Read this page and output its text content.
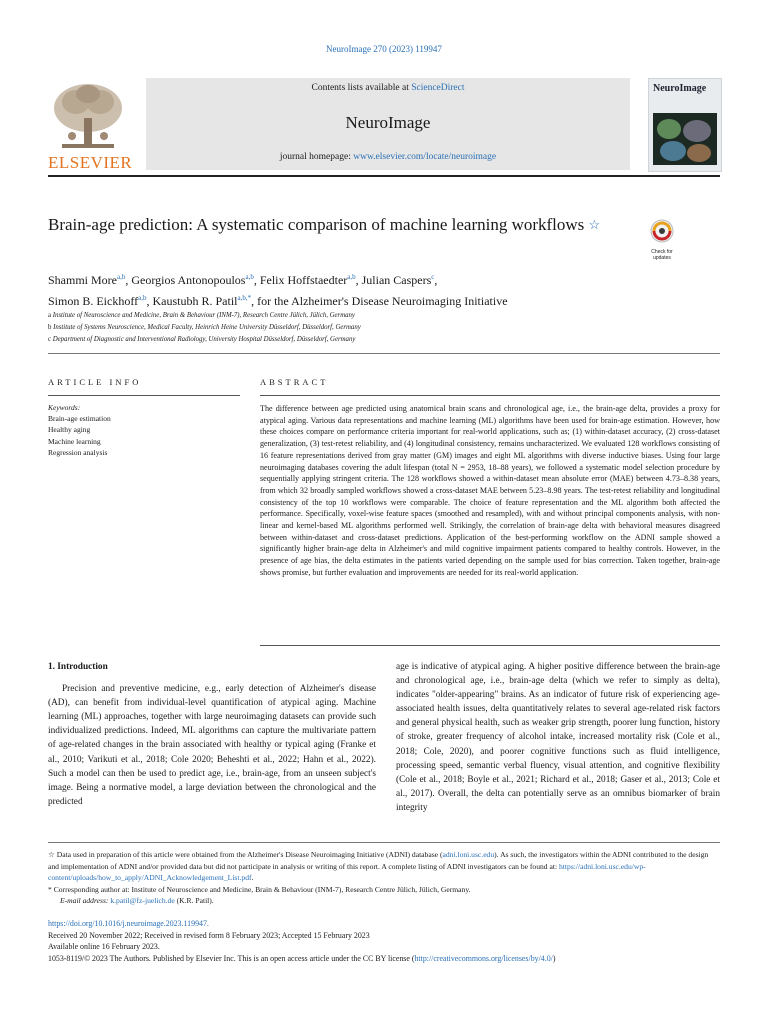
NeuroImage 270 (2023) 119947
ELSEVIER
Contents lists available at ScienceDirect
NeuroImage
journal homepage: www.elsevier.com/locate/neuroimage
NeuroImage
Brain-age prediction: A systematic comparison of machine learning workflows ☆
Check for updates
Shammi More$^{a,b}$, Georgios Antonopoulos$^{a,b}$, Felix Hoffstaedter$^{a,b}$, Julian Caspers$^c$,
Simon B. Eickhoff$^{a,b}$, Kaustubh R. Patil$^{a,b,*}$, for the Alzheimer's Disease Neuroimaging Initiative
a Institute of Neuroscience and Medicine, Brain & Behaviour (INM-7), Research Centre Jülich, Jülich, Germany
b Institute of Systems Neuroscience, Medical Faculty, Heinrich Heine University Düsseldorf, Düsseldorf, Germany
c Department of Diagnostic and Interventional Radiology, University Hospital Düsseldorf, Düsseldorf, Germany
ARTICLE INFO
Keywords:
Brain-age estimation
Healthy aging
Machine learning
Regression analysis
ABSTRACT
The difference between age predicted using anatomical brain scans and chronological age, i.e., the brain-age delta, provides a proxy for atypical aging. Various data representations and machine learning (ML) algorithms have been used for brain-age estimation. However, how these choices compare on performance criteria important for real-world applications, such as; (1) within-dataset accuracy, (2) cross-dataset generalization, (3) test-retest reliability, and (4) longitudinal consistency, remains uncharacterized. We evaluated 128 workflows consisting of 16 feature representations derived from gray matter (GM) images and eight ML algorithms with diverse inductive biases. Using four large neuroimaging databases covering the adult lifespan (total N = 2953, 18–88 years), we followed a systematic model selection procedure by sequentially applying stringent criteria. The 128 workflows showed a within-dataset mean absolute error (MAE) between 4.73–8.38 years, from which 32 broadly sampled workflows showed a cross-dataset MAE between 5.23–8.98 years. The test-retest reliability and longitudinal consistency of the top 10 workflows were comparable. The choice of feature representation and the ML algorithm both affected the performance. Specifically, voxel-wise feature spaces (smoothed and resampled), with and without principal components analysis, with non-linear and kernel-based ML algorithms performed well. Strikingly, the correlation of brain-age delta with behavioral measures disagreed between within-dataset and cross-dataset predictions. Application of the best-performing workflow on the ADNI sample showed a significantly higher brain-age delta in Alzheimer's and mild cognitive impairment patients compared to healthy controls. However, in the presence of age bias, the delta estimates in the patients varied depending on the sample used for bias correction. Taken together, brain-age shows promise, but further evaluation and improvements are needed for its real-world application.
1. Introduction
Precision and preventive medicine, e.g., early detection of Alzheimer's disease (AD), can benefit from individual-level quantification of atypical aging. Machine learning (ML) approaches, together with large neuroimaging datasets can provide such individualized predictions. Indeed, ML algorithms can capture the multivariate pattern of age-related changes in the brain associated with healthy or typical aging (Franke et al., 2010; Varikuti et al., 2018; Cole 2020; Beheshti et al., 2022; Hahn et al., 2022). Such a model can then be used to predict age, i.e., brain-age, from an unseen subject's image. Being a normative model, a large deviation between the chronological and the predicted
age is indicative of atypical aging. A higher positive difference between the brain-age and chronological age, i.e., brain-age delta (which we refer to simply as delta), indicates "older-appearing" brains. As an indicator of future risk of experiencing age-associated health issues, delta quantitatively relates to several age-related risk factors and general physical health, such as weaker grip strength, poorer lung function, history of stroke, greater frequency of alcohol intake, increased mortality risk (Cole et al., 2018; Cole, 2020), and poorer cognitive functions such as fluid intelligence, processing speed, semantic verbal fluency, visual attention, and cognitive flexibility (Cole et al., 2018; Boyle et al., 2021; Richard et al., 2018; Gaser et al., 2013; Cole et al., 2017). Overall, the delta can potentially serve as an omnibus biomarker of brain integrity
☆ Data used in preparation of this article were obtained from the Alzheimer's Disease Neuroimaging Initiative (ADNI) database (adni.loni.usc.edu). As such, the investigators within the ADNI contributed to the design and implementation of ADNI and/or provided data but did not participate in analysis or writing of this report. A complete listing of ADNI investigators can be found at: https://adni.loni.usc.edu/wp-content/uploads/how_to_apply/ADNI_Acknowledgement_List.pdf.
* Corresponding author at: Institute of Neuroscience and Medicine, Brain & Behaviour (INM-7), Research Centre Jülich, Jülich, Germany.
E-mail address: k.patil@fz-juelich.de (K.R. Patil).
https://doi.org/10.1016/j.neuroimage.2023.119947.
Received 20 November 2022; Received in revised form 8 February 2023; Accepted 15 February 2023
Available online 16 February 2023.
1053-8119/© 2023 The Authors. Published by Elsevier Inc. This is an open access article under the CC BY license (http://creativecommons.org/licenses/by/4.0/)
